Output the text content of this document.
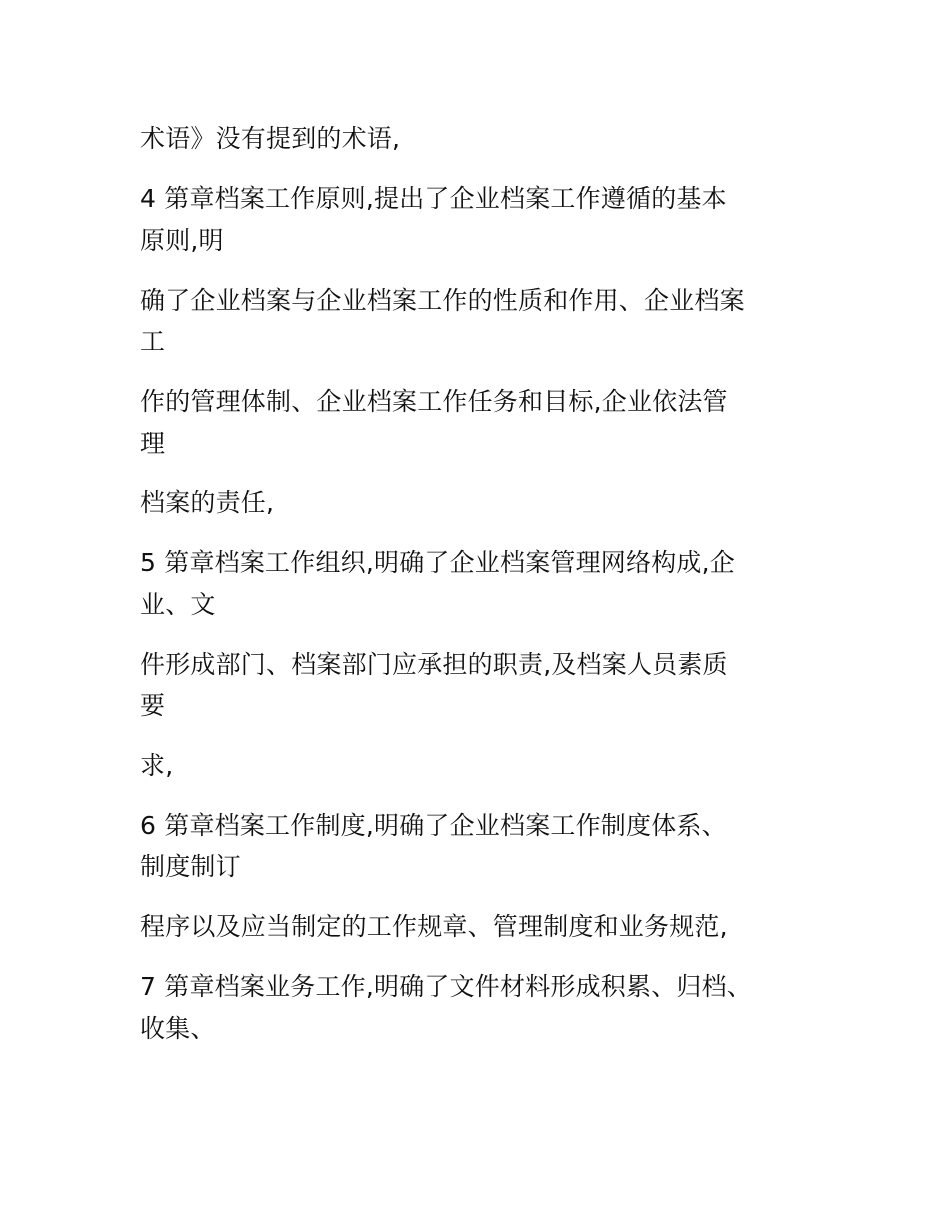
术语》没有提到的术语,

4 第章档案工作原则,提出了企业档案工作遵循的基本

原则,明

确了企业档案与企业档案工作的性质和作用、企业档案

工

作的管理体制、企业档案工作任务和目标,企业依法管

理

档案的责任,

5 第章档案工作组织,明确了企业档案管理网络构成,企

业、文

件形成部门、档案部门应承担的职责,及档案人员素质

要

求,

6 第章档案工作制度,明确了企业档案工作制度体系、

制度制订

程序以及应当制定的工作规章、管理制度和业务规范,

7 第章档案业务工作,明确了文件材料形成积累、归档、

收集、
